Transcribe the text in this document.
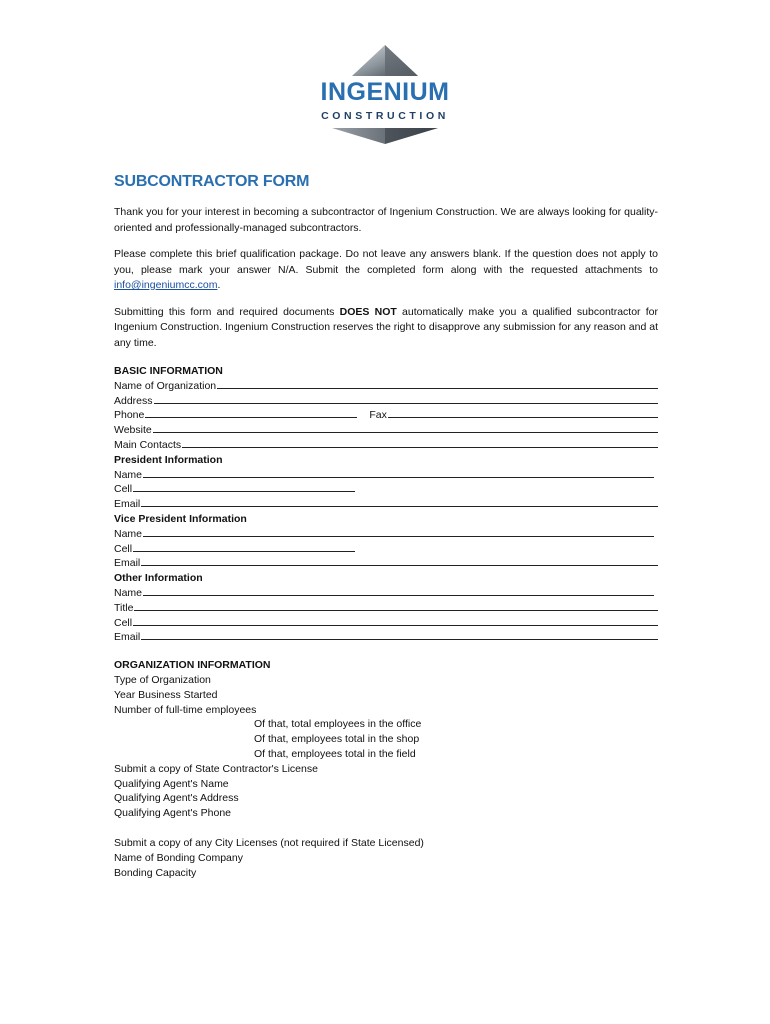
INGENIUM
CONSTRUCTION
SUBCONTRACTOR FORM

Thank you for your interest in becoming a subcontractor of Ingenium Construction. We are always looking for quality-oriented and professionally-managed subcontractors.

Please complete this brief qualification package. Do not leave any answers blank. If the question does not apply to you, please mark your answer N/A. Submit the completed form along with the requested attachments to info@ingeniumcc.com.

Submitting this form and required documents DOES NOT automatically make you a qualified subcontractor for Ingenium Construction. Ingenium Construction reserves the right to disapprove any submission for any reason and at any time.

BASIC INFORMATION
Name of Organization
Address
Phone	Fax
Website
Main Contacts
President Information
Name
Cell
Email
Vice President Information
Name
Cell
Email
Other Information
Name
Title
Cell
Email
ORGANIZATION INFORMATION
Type of Organization
Year Business Started
Number of full-time employees
Of that, total employees in the office
Of that, employees total in the shop
Of that, employees total in the field
Submit a copy of State Contractor's License
Qualifying Agent's Name
Qualifying Agent's Address
Qualifying Agent's Phone
Submit a copy of any City Licenses (not required if State Licensed)
Name of Bonding Company
Bonding Capacity
